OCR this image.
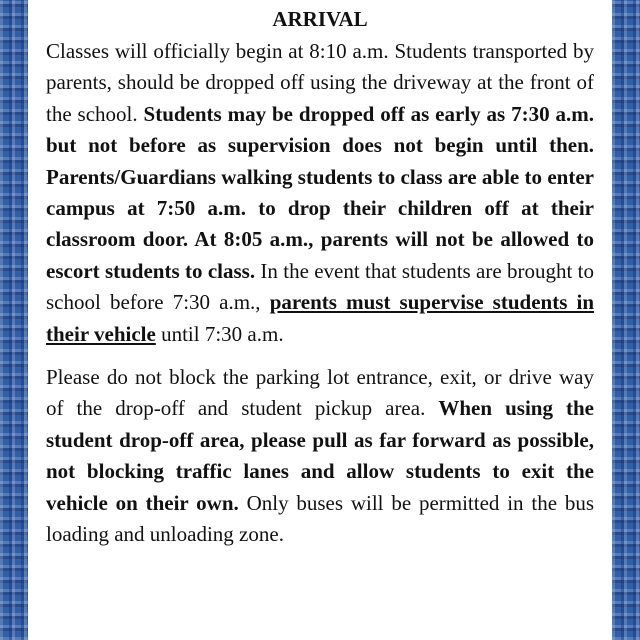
ARRIVAL

Classes will officially begin at 8:10 a.m. Students transported by parents, should be dropped off using the driveway at the front of the school. Students may be dropped off as early as 7:30 a.m. but not before as supervision does not begin until then. Parents/Guardians walking students to class are able to enter campus at 7:50 a.m. to drop their children off at their classroom door. At 8:05 a.m., parents will not be allowed to escort students to class. In the event that students are brought to school before 7:30 a.m., parents must supervise students in their vehicle until 7:30 a.m.

Please do not block the parking lot entrance, exit, or drive way of the drop-off and student pickup area. When using the student drop-off area, please pull as far forward as possible, not blocking traffic lanes and allow students to exit the vehicle on their own. Only buses will be permitted in the bus loading and unloading zone.
